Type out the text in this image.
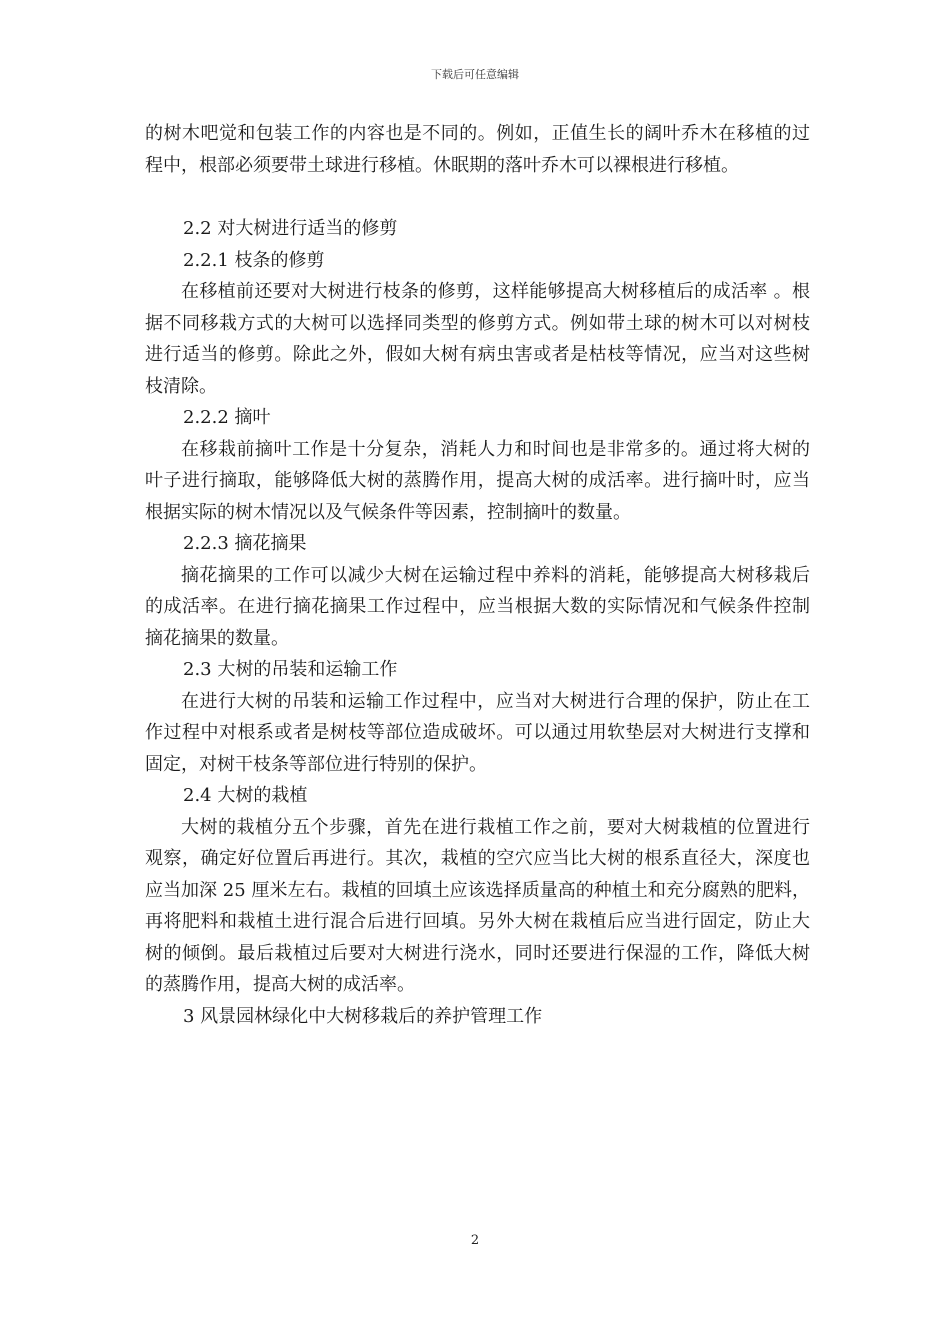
下载后可任意编辑

的树木吧觉和包装工作的内容也是不同的。例如，正值生长的阔叶乔木在移植的过程中，根部必须要带土球进行移植。休眠期的落叶乔木可以裸根进行移植。

2.2 对大树进行适当的修剪

2.2.1 枝条的修剪

在移植前还要对大树进行枝条的修剪，这样能够提高大树移植后的成活率 。根据不同移栽方式的大树可以选择同类型的修剪方式。例如带土球的树木可以对树枝进行适当的修剪。除此之外，假如大树有病虫害或者是枯枝等情况，应当对这些树枝清除。

2.2.2 摘叶

在移栽前摘叶工作是十分复杂，消耗人力和时间也是非常多的。通过将大树的叶子进行摘取，能够降低大树的蒸腾作用，提高大树的成活率。进行摘叶时，应当根据实际的树木情况以及气候条件等因素，控制摘叶的数量。

2.2.3 摘花摘果

摘花摘果的工作可以减少大树在运输过程中养料的消耗，能够提高大树移栽后的成活率。在进行摘花摘果工作过程中，应当根据大数的实际情况和气候条件控制摘花摘果的数量。

2.3 大树的吊装和运输工作

在进行大树的吊装和运输工作过程中，应当对大树进行合理的保护，防止在工作过程中对根系或者是树枝等部位造成破坏。可以通过用软垫层对大树进行支撑和固定，对树干枝条等部位进行特别的保护。

2.4 大树的栽植

大树的栽植分五个步骤，首先在进行栽植工作之前，要对大树栽植的位置进行观察，确定好位置后再进行。其次，栽植的空穴应当比大树的根系直径大，深度也应当加深 25 厘米左右。栽植的回填土应该选择质量高的种植土和充分腐熟的肥料，再将肥料和栽植土进行混合后进行回填。另外大树在栽植后应当进行固定，防止大树的倾倒。最后栽植过后要对大树进行浇水，同时还要进行保湿的工作，降低大树的蒸腾作用，提高大树的成活率。

3 风景园林绿化中大树移栽后的养护管理工作

2
